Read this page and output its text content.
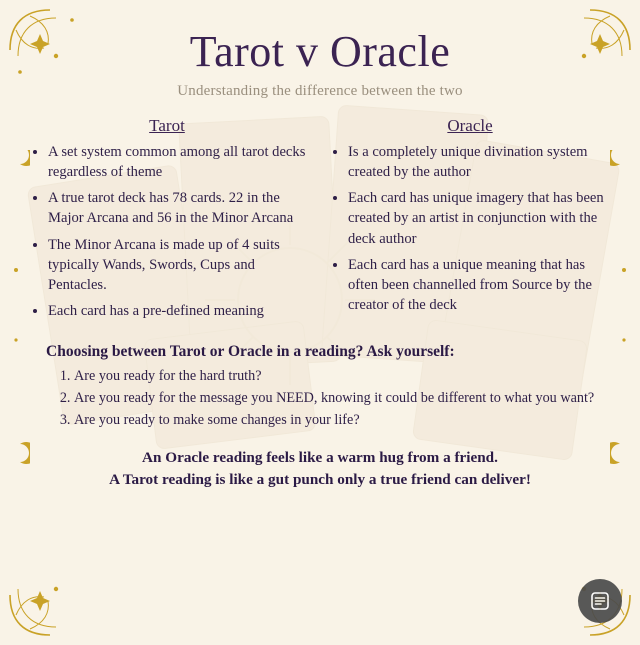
Tarot v Oracle
Understanding the difference between the two
Tarot
• A set system common among all tarot decks regardless of theme
• A true tarot deck has 78 cards. 22 in the Major Arcana and 56 in the Minor Arcana
• The Minor Arcana is made up of 4 suits typically Wands, Swords, Cups and Pentacles.
• Each card has a pre-defined meaning
Oracle
• Is a completely unique divination system created by the author
• Each card has unique imagery that has been created by an artist in conjunction with the deck author
• Each card has a unique meaning that has often been channelled from Source by the creator of the deck
Choosing between Tarot or Oracle in a reading? Ask yourself:
1. Are you ready for the hard truth?
2. Are you ready for the message you NEED, knowing it could be different to what you want?
3. Are you ready to make some changes in your life?
An Oracle reading feels like a warm hug from a friend.
A Tarot reading is like a gut punch only a true friend can deliver!
